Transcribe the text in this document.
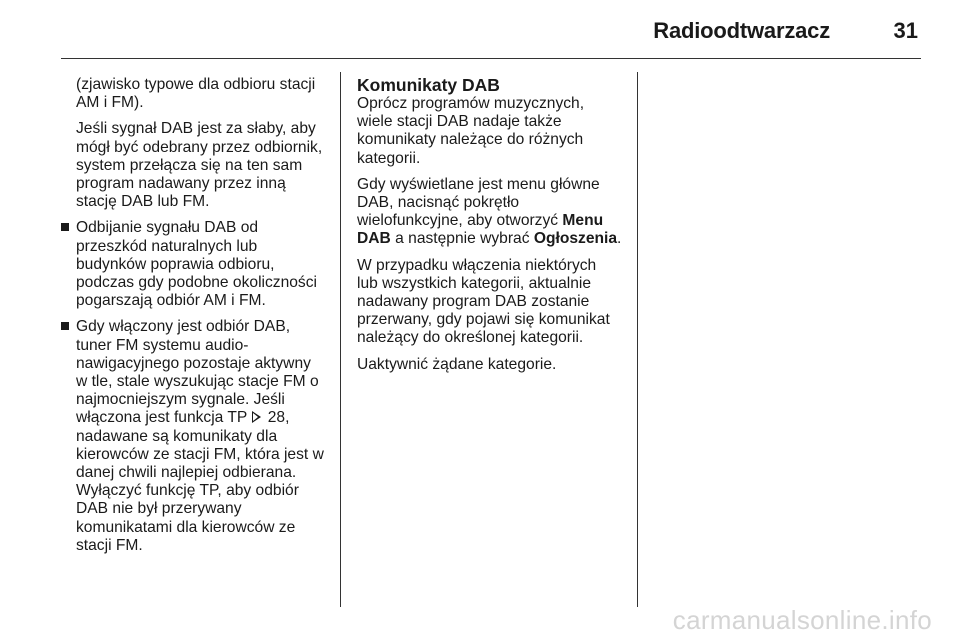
Radioodtwarzacz	31
(zjawisko typowe dla odbioru stacji
AM i FM).
Jeśli sygnał DAB jest za słaby, aby
mógł być odebrany przez odbiornik,
system przełącza się na ten sam
program nadawany przez inną
stację DAB lub FM.
Odbijanie sygnału DAB od
przeszkód naturalnych lub
budynków poprawia odbioru,
podczas gdy podobne okoliczności
pogarszają odbiór AM i FM.
Gdy włączony jest odbiór DAB,
tuner FM systemu audio-
nawigacyjnego pozostaje aktywny
w tle, stale wyszukując stacje FM o
najmocniejszym sygnale. Jeśli
włączona jest funkcja TP 28,
nadawane są komunikaty dla
kierowców ze stacji FM, która jest w
danej chwili najlepiej odbierana.
Wyłączyć funkcję TP, aby odbiór
DAB nie był przerywany
komunikatami dla kierowców ze
stacji FM.
Komunikaty DAB
Oprócz programów muzycznych,
wiele stacji DAB nadaje także
komunikaty należące do różnych
kategorii.
Gdy wyświetlane jest menu główne
DAB, nacisnąć pokrętło
wielofunkcyjne, aby otworzyć Menu
DAB a następnie wybrać Ogłoszenia.
W przypadku włączenia niektórych
lub wszystkich kategorii, aktualnie
nadawany program DAB zostanie
przerwany, gdy pojawi się komunikat
należący do określonej kategorii.
Uaktywnić żądane kategorie.
carmanualsonline.info
